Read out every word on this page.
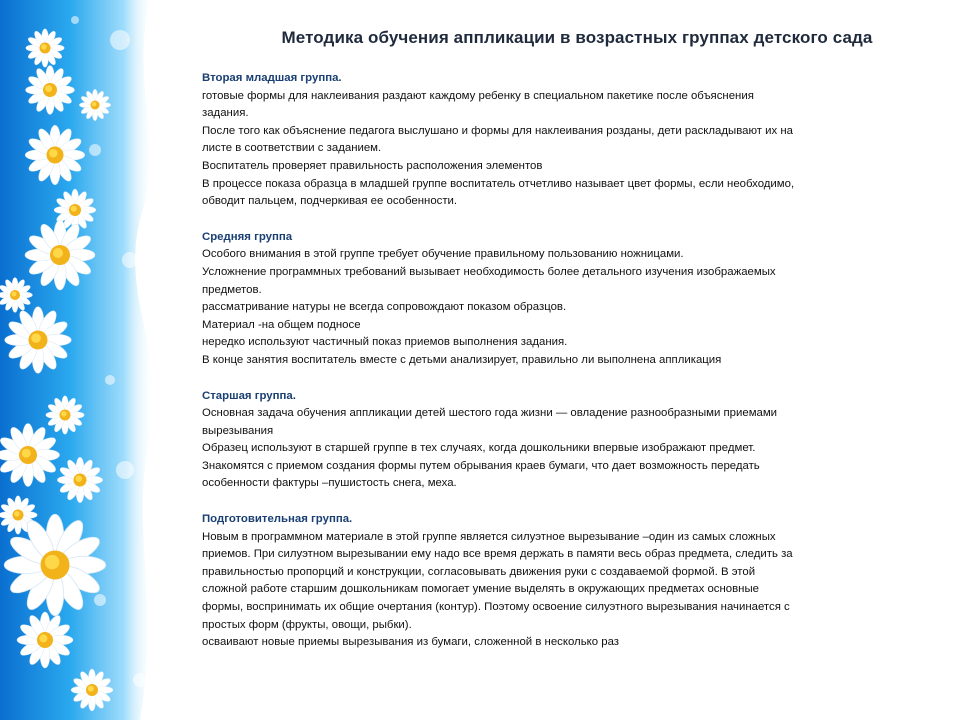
Методика обучения аппликации в возрастных группах детского сада
Вторая младшая группа.
готовые формы для наклеивания раздают каждому ребенку в специальном пакетике после объяснения
задания.
После того как объяснение педагога выслушано и формы для наклеивания розданы, дети раскладывают их на
листе в соответствии с заданием.
Воспитатель проверяет правильность расположения элементов
В процессе показа образца в младшей группе воспитатель отчетливо называет цвет формы, если необходимо,
обводит пальцем, подчеркивая ее особенности.
Средняя группа
Особого внимания в этой группе требует обучение правильному пользованию ножницами.
Усложнение программных требований вызывает необходимость более детального изучения изображаемых
предметов.
рассматривание натуры не всегда сопровождают показом образцов.
Материал -на общем подносе
нередко используют частичный показ приемов выполнения задания.
В конце занятия воспитатель вместе с детьми анализирует, правильно ли выполнена аппликация
Старшая группа.
Основная задача обучения аппликации детей шестого года жизни — овладение разнообразными приемами
вырезывания
Образец используют в старшей группе в тех случаях, когда дошкольники впервые изображают предмет.
Знакомятся с приемом создания формы путем обрывания краев бумаги, что дает возможность передать
особенности фактуры –пушистость снега, меха.
Подготовительная группа.
Новым в программном материале в этой группе является силуэтное вырезывание –один из самых сложных
приемов. При силуэтном вырезывании ему надо все время держать в памяти весь образ предмета, следить за
правильностью пропорций и конструкции, согласовывать движения руки с создаваемой формой. В этой
сложной работе старшим дошкольникам помогает умение выделять в окружающих предметах основные
формы, воспринимать их общие очертания (контур). Поэтому освоение силуэтного вырезывания начинается с
простых форм (фрукты, овощи, рыбки).
осваивают новые приемы вырезывания из бумаги, сложенной в несколько раз
